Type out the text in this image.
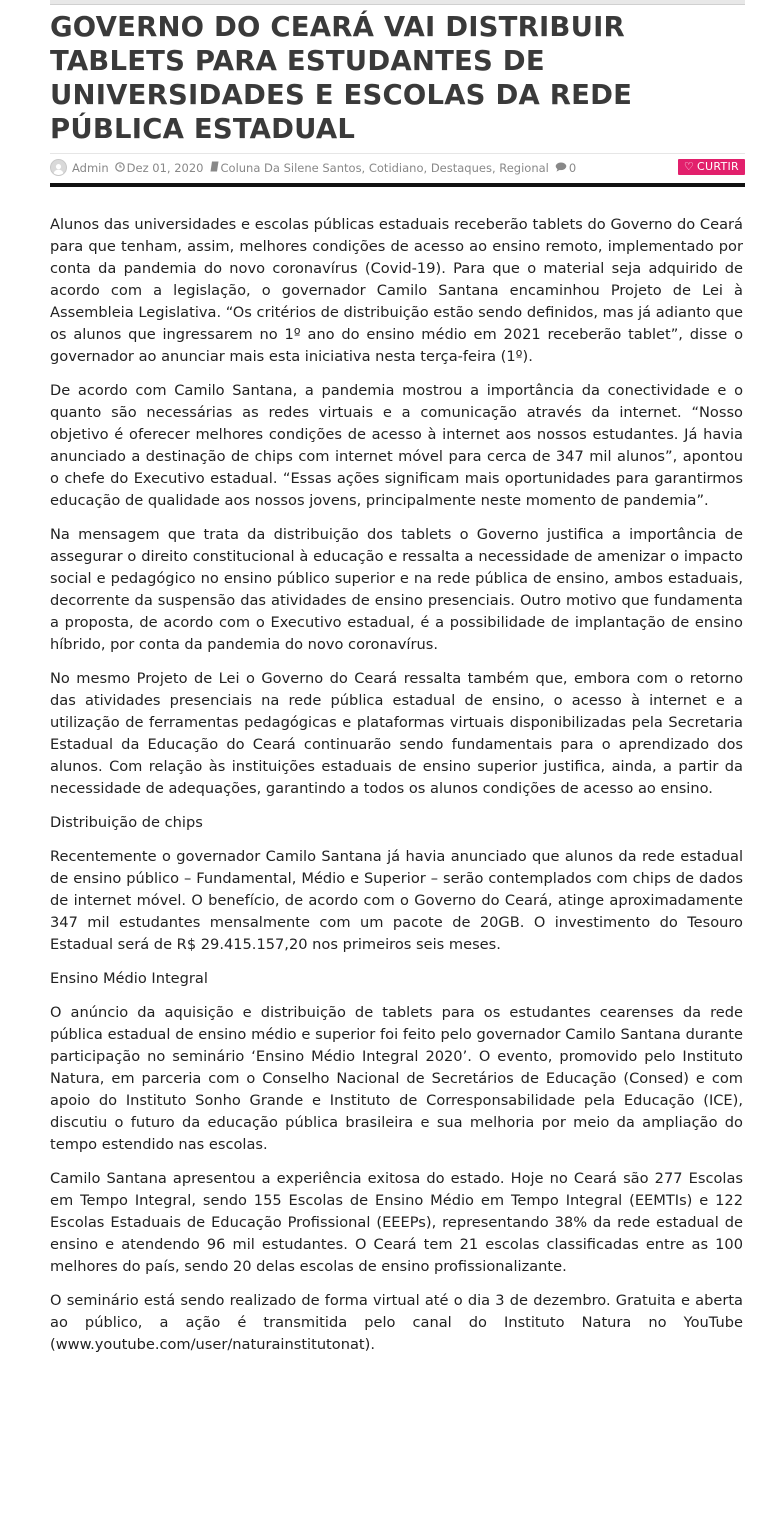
GOVERNO DO CEARÁ VAI DISTRIBUIR TABLETS PARA ESTUDANTES DE UNIVERSIDADES E ESCOLAS DA REDE PÚBLICA ESTADUAL
Admin Dez 01, 2020 Coluna Da Silene Santos, Cotidiano, Destaques, Regional 0	♡ CURTIR

Alunos das universidades e escolas públicas estaduais receberão tablets do Governo do Ceará para que tenham, assim, melhores condições de acesso ao ensino remoto, implementado por conta da pandemia do novo coronavírus (Covid-19). Para que o material seja adquirido de acordo com a legislação, o governador Camilo Santana encaminhou Projeto de Lei à Assembleia Legislativa. “Os critérios de distribuição estão sendo definidos, mas já adianto que os alunos que ingressarem no 1º ano do ensino médio em 2021 receberão tablet”, disse o governador ao anunciar mais esta iniciativa nesta terça-feira (1º).

De acordo com Camilo Santana, a pandemia mostrou a importância da conectividade e o quanto são necessárias as redes virtuais e a comunicação através da internet. “Nosso objetivo é oferecer melhores condições de acesso à internet aos nossos estudantes. Já havia anunciado a destinação de chips com internet móvel para cerca de 347 mil alunos”, apontou o chefe do Executivo estadual. “Essas ações significam mais oportunidades para garantirmos educação de qualidade aos nossos jovens, principalmente neste momento de pandemia”.

Na mensagem que trata da distribuição dos tablets o Governo justifica a importância de assegurar o direito constitucional à educação e ressalta a necessidade de amenizar o impacto social e pedagógico no ensino público superior e na rede pública de ensino, ambos estaduais, decorrente da suspensão das atividades de ensino presenciais. Outro motivo que fundamenta a proposta, de acordo com o Executivo estadual, é a possibilidade de implantação de ensino híbrido, por conta da pandemia do novo coronavírus.

No mesmo Projeto de Lei o Governo do Ceará ressalta também que, embora com o retorno das atividades presenciais na rede pública estadual de ensino, o acesso à internet e a utilização de ferramentas pedagógicas e plataformas virtuais disponibilizadas pela Secretaria Estadual da Educação do Ceará continuarão sendo fundamentais para o aprendizado dos alunos. Com relação às instituições estaduais de ensino superior justifica, ainda, a partir da necessidade de adequações, garantindo a todos os alunos condições de acesso ao ensino.

Distribuição de chips

Recentemente o governador Camilo Santana já havia anunciado que alunos da rede estadual de ensino público – Fundamental, Médio e Superior – serão contemplados com chips de dados de internet móvel. O benefício, de acordo com o Governo do Ceará, atinge aproximadamente 347 mil estudantes mensalmente com um pacote de 20GB. O investimento do Tesouro Estadual será de R$ 29.415.157,20 nos primeiros seis meses.

Ensino Médio Integral

O anúncio da aquisição e distribuição de tablets para os estudantes cearenses da rede pública estadual de ensino médio e superior foi feito pelo governador Camilo Santana durante participação no seminário ‘Ensino Médio Integral 2020’. O evento, promovido pelo Instituto Natura, em parceria com o Conselho Nacional de Secretários de Educação (Consed) e com apoio do Instituto Sonho Grande e Instituto de Corresponsabilidade pela Educação (ICE), discutiu o futuro da educação pública brasileira e sua melhoria por meio da ampliação do tempo estendido nas escolas.

Camilo Santana apresentou a experiência exitosa do estado. Hoje no Ceará são 277 Escolas em Tempo Integral, sendo 155 Escolas de Ensino Médio em Tempo Integral (EEMTIs) e 122 Escolas Estaduais de Educação Profissional (EEEPs), representando 38% da rede estadual de ensino e atendendo 96 mil estudantes. O Ceará tem 21 escolas classificadas entre as 100 melhores do país, sendo 20 delas escolas de ensino profissionalizante.

O seminário está sendo realizado de forma virtual até o dia 3 de dezembro. Gratuita e aberta ao público, a ação é transmitida pelo canal do Instituto Natura no YouTube (www.youtube.com/user/naturainstitutonat).
